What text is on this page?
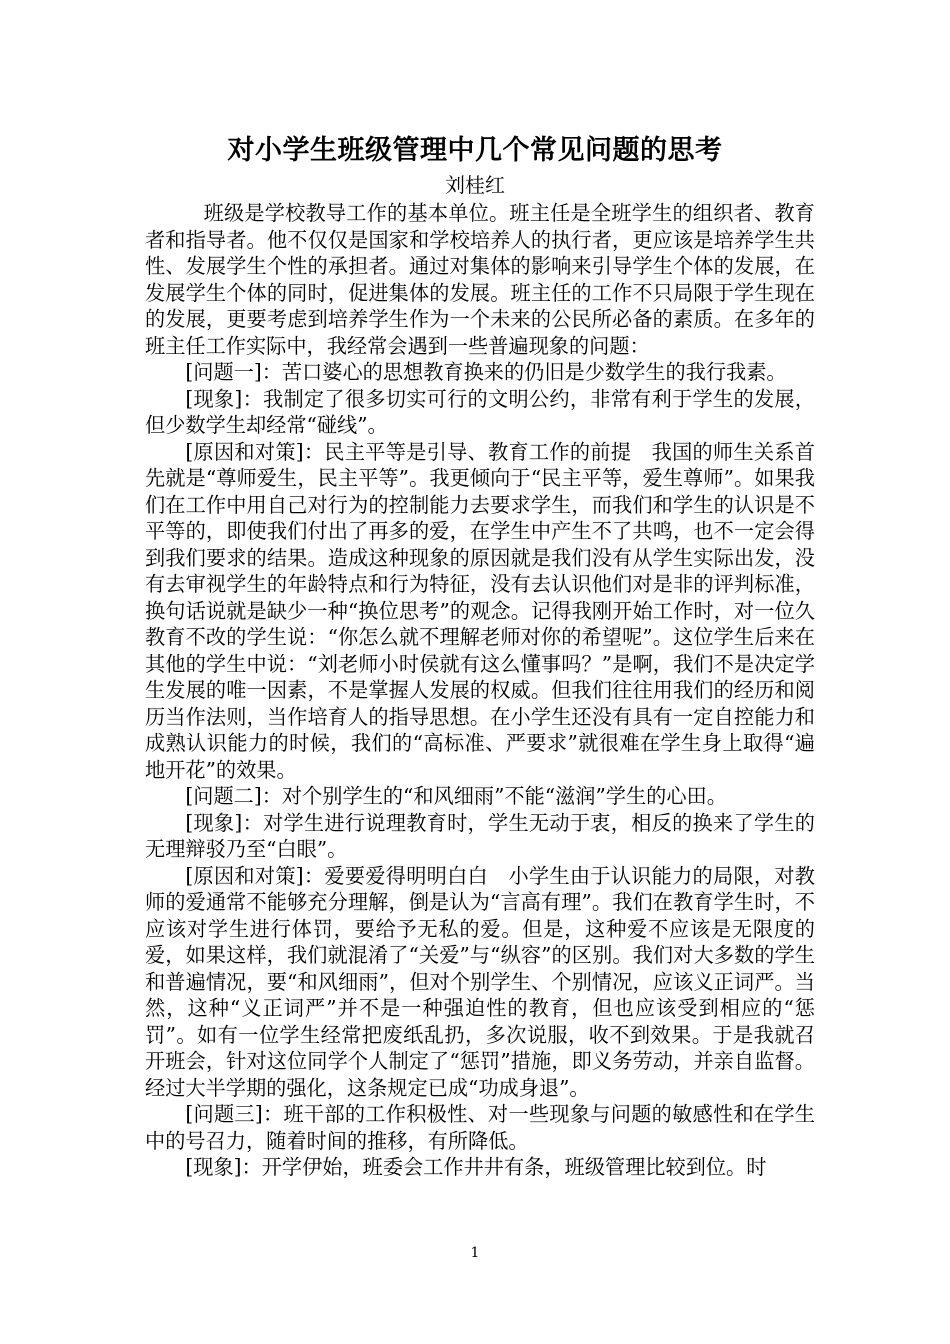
对小学生班级管理中几个常见问题的思考
刘桂红

班级是学校教导工作的基本单位。班主任是全班学生的组织者、教育者和指导者。他不仅仅是国家和学校培养人的执行者，更应该是培养学生共性、发展学生个性的承担者。通过对集体的影响来引导学生个体的发展，在发展学生个体的同时，促进集体的发展。班主任的工作不只局限于学生现在的发展，更要考虑到培养学生作为一个未来的公民所必备的素质。在多年的班主任工作实际中，我经常会遇到一些普遍现象的问题：

[问题一]：苦口婆心的思想教育换来的仍旧是少数学生的我行我素。

[现象]：我制定了很多切实可行的文明公约，非常有利于学生的发展，但少数学生却经常“碰线”。

[原因和对策]：民主平等是引导、教育工作的前提　我国的师生关系首先就是“尊师爱生，民主平等”。我更倾向于“民主平等，爱生尊师”。如果我们在工作中用自己对行为的控制能力去要求学生，而我们和学生的认识是不平等的，即使我们付出了再多的爱，在学生中产生不了共鸣，也不一定会得到我们要求的结果。造成这种现象的原因就是我们没有从学生实际出发，没有去审视学生的年龄特点和行为特征，没有去认识他们对是非的评判标准，换句话说就是缺少一种“换位思考”的观念。记得我刚开始工作时，对一位久教育不改的学生说：“你怎么就不理解老师对你的希望呢”。这位学生后来在其他的学生中说：“刘老师小时侯就有这么懂事吗？”是啊，我们不是决定学生发展的唯一因素，不是掌握人发展的权威。但我们往往用我们的经历和阅历当作法则，当作培育人的指导思想。在小学生还没有具有一定自控能力和成熟认识能力的时候，我们的“高标准、严要求”就很难在学生身上取得“遍地开花”的效果。

[问题二]：对个别学生的“和风细雨”不能“滋润”学生的心田。

[现象]：对学生进行说理教育时，学生无动于衷，相反的换来了学生的无理辩驳乃至“白眼”。

[原因和对策]：爱要爱得明明白白　小学生由于认识能力的局限，对教师的爱通常不能够充分理解，倒是认为“言高有理”。我们在教育学生时，不应该对学生进行体罚，要给予无私的爱。但是，这种爱不应该是无限度的爱，如果这样，我们就混淆了“关爱”与“纵容”的区别。我们对大多数的学生和普遍情况，要“和风细雨”，但对个别学生、个别情况，应该义正词严。当然，这种“义正词严”并不是一种强迫性的教育，但也应该受到相应的“惩罚”。如有一位学生经常把废纸乱扔，多次说服，收不到效果。于是我就召开班会，针对这位同学个人制定了“惩罚”措施，即义务劳动，并亲自监督。经过大半学期的强化，这条规定已成“功成身退”。

[问题三]：班干部的工作积极性、对一些现象与问题的敏感性和在学生中的号召力，随着时间的推移，有所降低。

[现象]：开学伊始，班委会工作井井有条，班级管理比较到位。时

1
